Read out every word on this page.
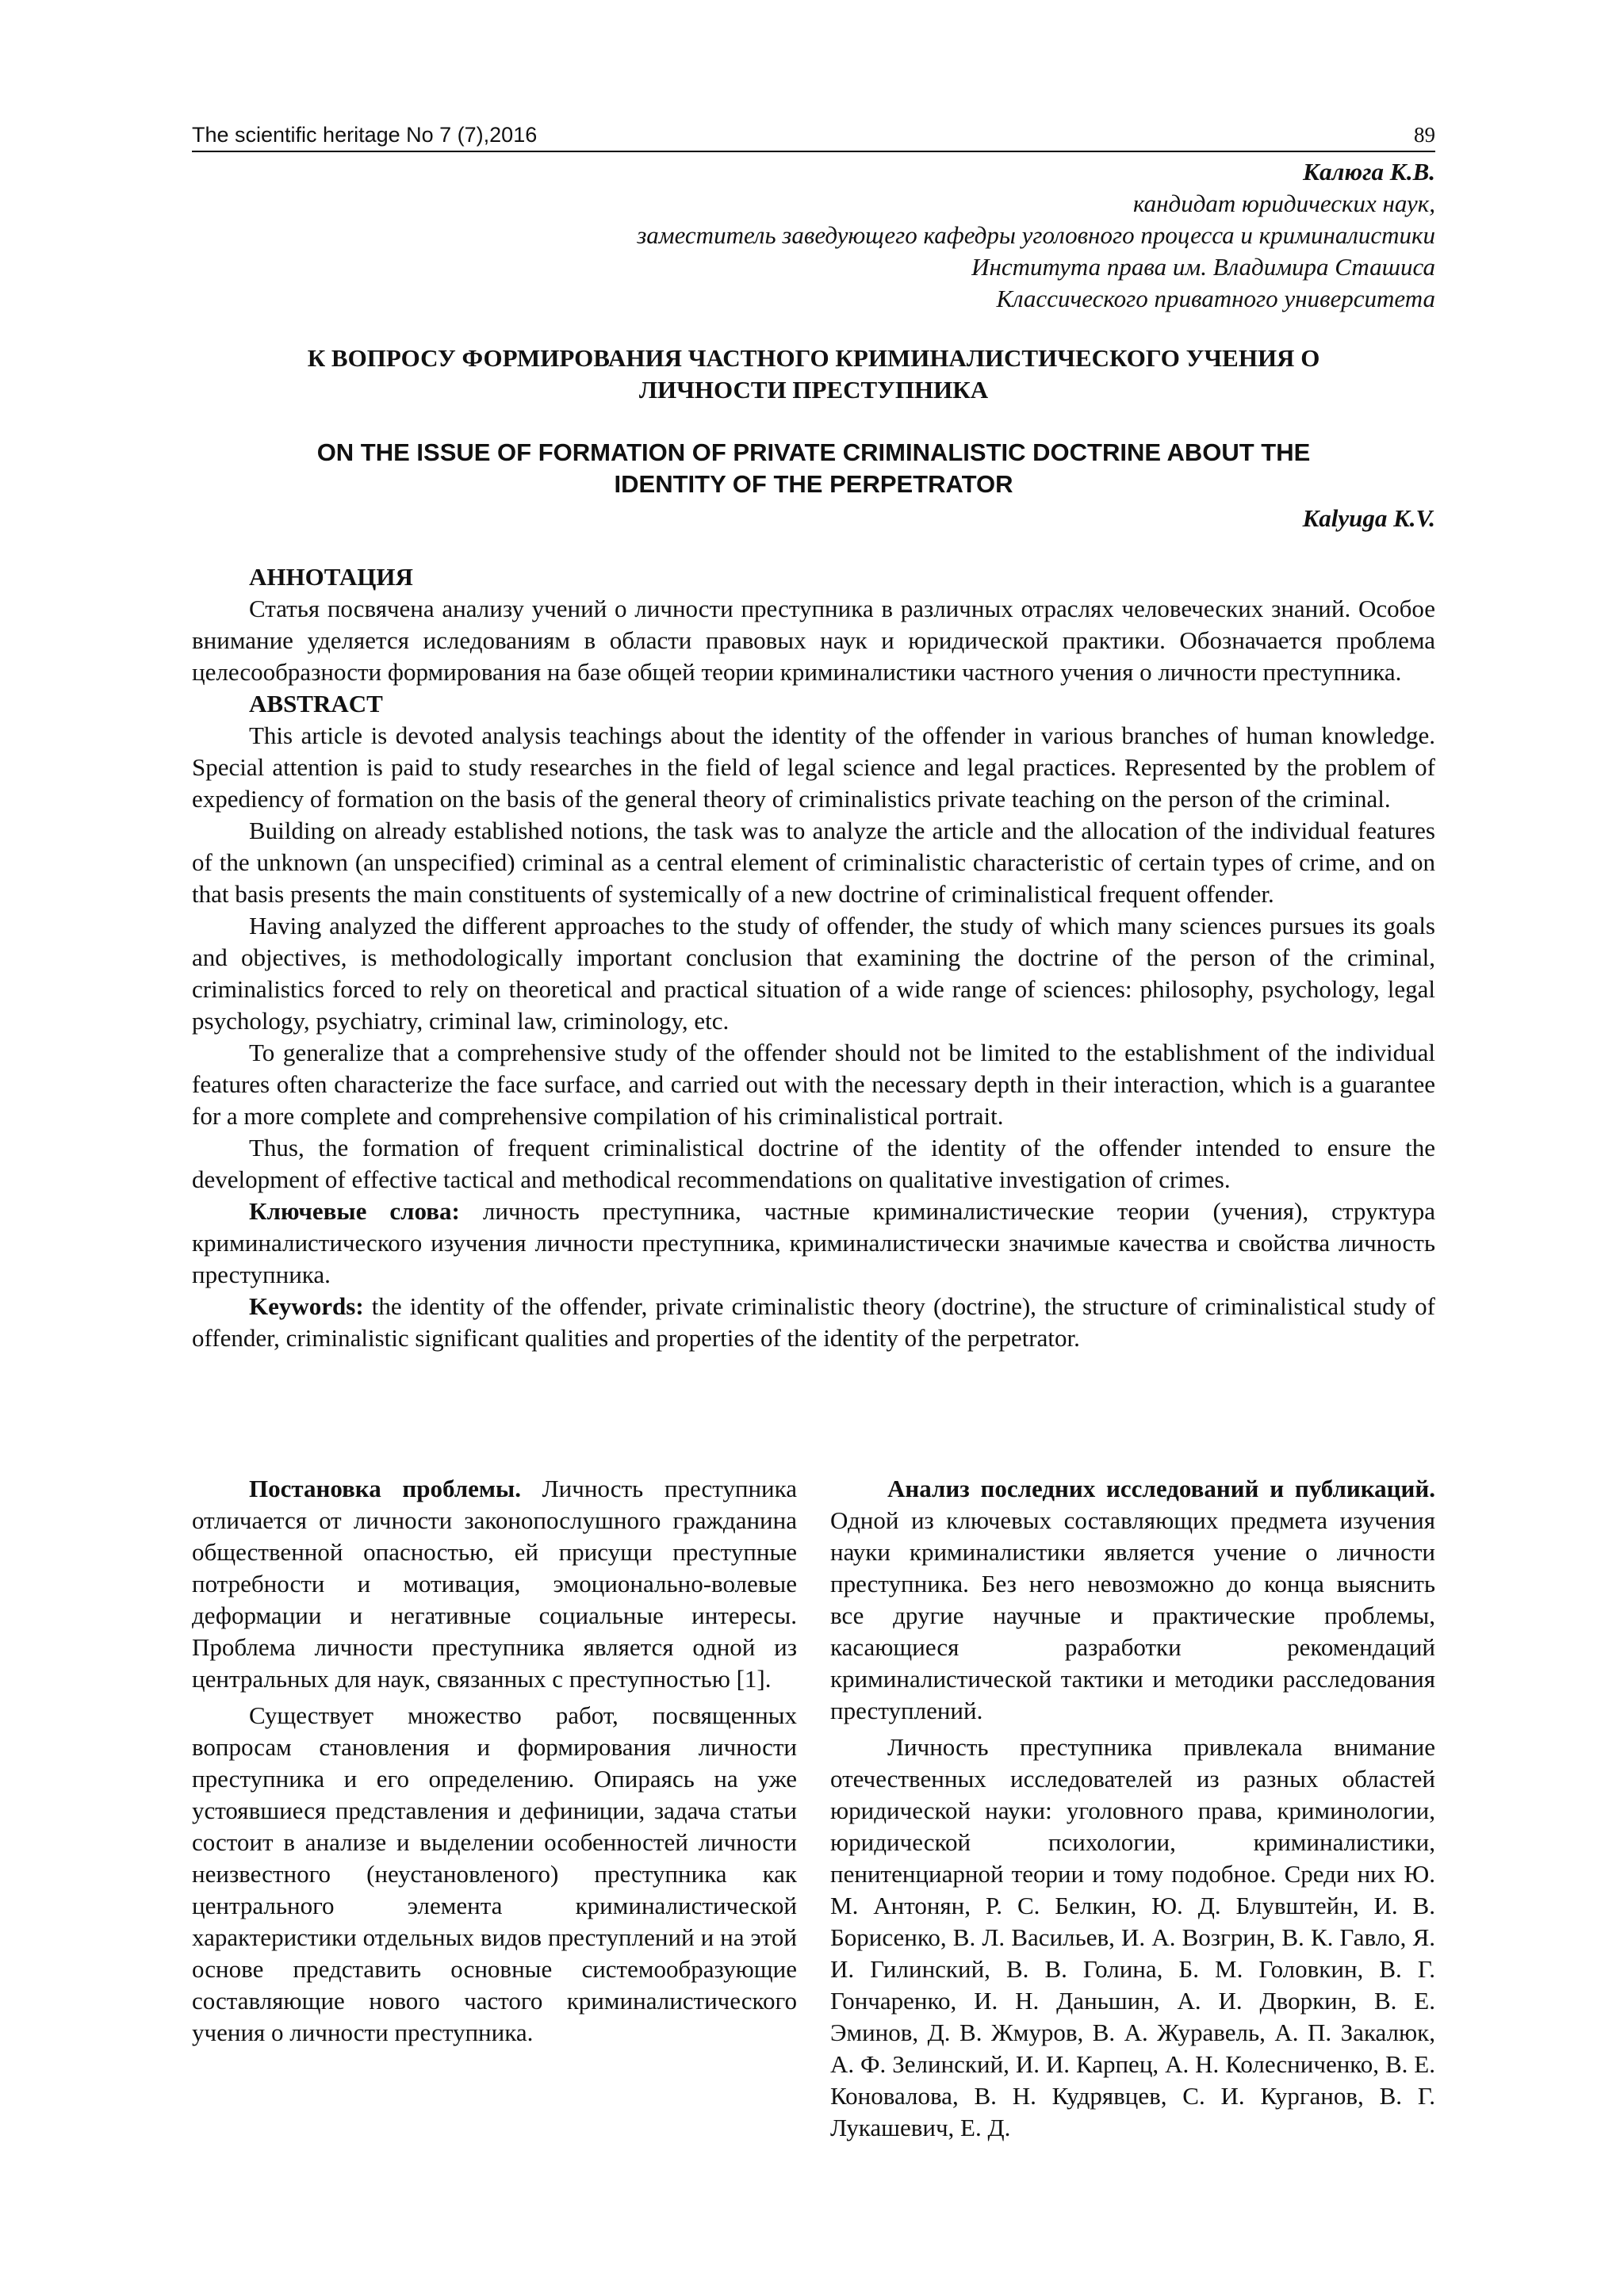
The scientific heritage No 7 (7),2016	89
Калюга К.В.
кандидат юридических наук,
заместитель заведующего кафедры уголовного процесса и криминалистики
Института права им. Владимира Сташиса
Классического приватного университета
К ВОПРОСУ ФОРМИРОВАНИЯ ЧАСТНОГО КРИМИНАЛИСТИЧЕСКОГО УЧЕНИЯ О
ЛИЧНОСТИ ПРЕСТУПНИКА
ON THE ISSUE OF FORMATION OF PRIVATE CRIMINALISTIC DOCTRINE ABOUT THE
IDENTITY OF THE PERPETRATOR
Kalyuga K.V.

АННОТАЦИЯ

Статья посвячена анализу учений о личности преступника в различных отраслях человеческих знаний. Особое внимание уделяется иследованиям в области правовых наук и юридической практики. Обозначается проблема целесообразности формирования на базе общей теории криминалистики частного учения о личности преступника.

ABSTRACT

This article is devoted analysis teachings about the identity of the offender in various branches of human knowledge. Special attention is paid to study researches in the field of legal science and legal practices. Represented by the problem of expediency of formation on the basis of the general theory of criminalistics private teaching on the person of the criminal.

Building on already established notions, the task was to analyze the article and the allocation of the individual features of the unknown (an unspecified) criminal as a central element of criminalistic characteristic of certain types of crime, and on that basis presents the main constituents of systemically of a new doctrine of criminalistical frequent offender.

Having analyzed the different approaches to the study of offender, the study of which many sciences pursues its goals and objectives, is methodologically important conclusion that examining the doctrine of the person of the criminal, criminalistics forced to rely on theoretical and practical situation of a wide range of sciences: philosophy, psychology, legal psychology, psychiatry, criminal law, criminology, etc.

To generalize that a comprehensive study of the offender should not be limited to the establishment of the individual features often characterize the face surface, and carried out with the necessary depth in their interaction, which is a guarantee for a more complete and comprehensive compilation of his criminalistical portrait.

Thus, the formation of frequent criminalistical doctrine of the identity of the offender intended to ensure the development of effective tactical and methodical recommendations on qualitative investigation of crimes.

Ключевые слова: личность преступника, частные криминалистические теории (учения), структура криминалистического изучения личности преступника, криминалистически значимые качества и свойства личность преступника.

Keywords: the identity of the offender, private criminalistic theory (doctrine), the structure of criminalistical study of offender, criminalistic significant qualities and properties of the identity of the perpetrator.

Постановка проблемы. Личность преступника отличается от личности законопослушного гражданина общественной опасностью, ей присущи преступные потребности и мотивация, эмоционально-волевые деформации и негативные социальные интересы. Проблема личности преступника является одной из центральных для наук, связанных с преступностью [1].

Существует множество работ, посвященных вопросам становления и формирования личности преступника и его определению. Опираясь на уже устоявшиеся представления и дефиниции, задача статьи состоит в анализе и выделении особенностей личности неизвестного (неустановленого) преступника как центрального элемента криминалистической характеристики отдельных видов преступлений и на этой основе представить основные системообразующие составляющие нового частого криминалистического учения о личности преступника.

Анализ последних исследований и публикаций. Одной из ключевых составляющих предмета изучения науки криминалистики является учение о личности преступника. Без него невозможно до конца выяснить все другие научные и практические проблемы, касающиеся разработки рекомендаций криминалистической тактики и методики расследования преступлений.

Личность преступника привлекала внимание отечественных исследователей из разных областей юридической науки: уголовного права, криминологии, юридической психологии, криминалистики, пенитенциарной теории и тому подобное. Среди них Ю. М. Антонян, Р. С. Белкин, Ю. Д. Блувштейн, И. В. Борисенко, В. Л. Васильев, И. А. Возгрин, В. К. Гавло, Я. И. Гилинский, В. В. Голина, Б. М. Головкин, В. Г. Гончаренко, И. Н. Даньшин, А. И. Дворкин, В. Е. Эминов, Д. В. Жмуров, В. А. Журавель, А. П. Закалюк, А. Ф. Зелинский, И. И. Карпец, А. Н. Колесниченко, В. Е. Коновалова, В. Н. Кудрявцев, С. И. Курганов, В. Г. Лукашевич, Е. Д.
